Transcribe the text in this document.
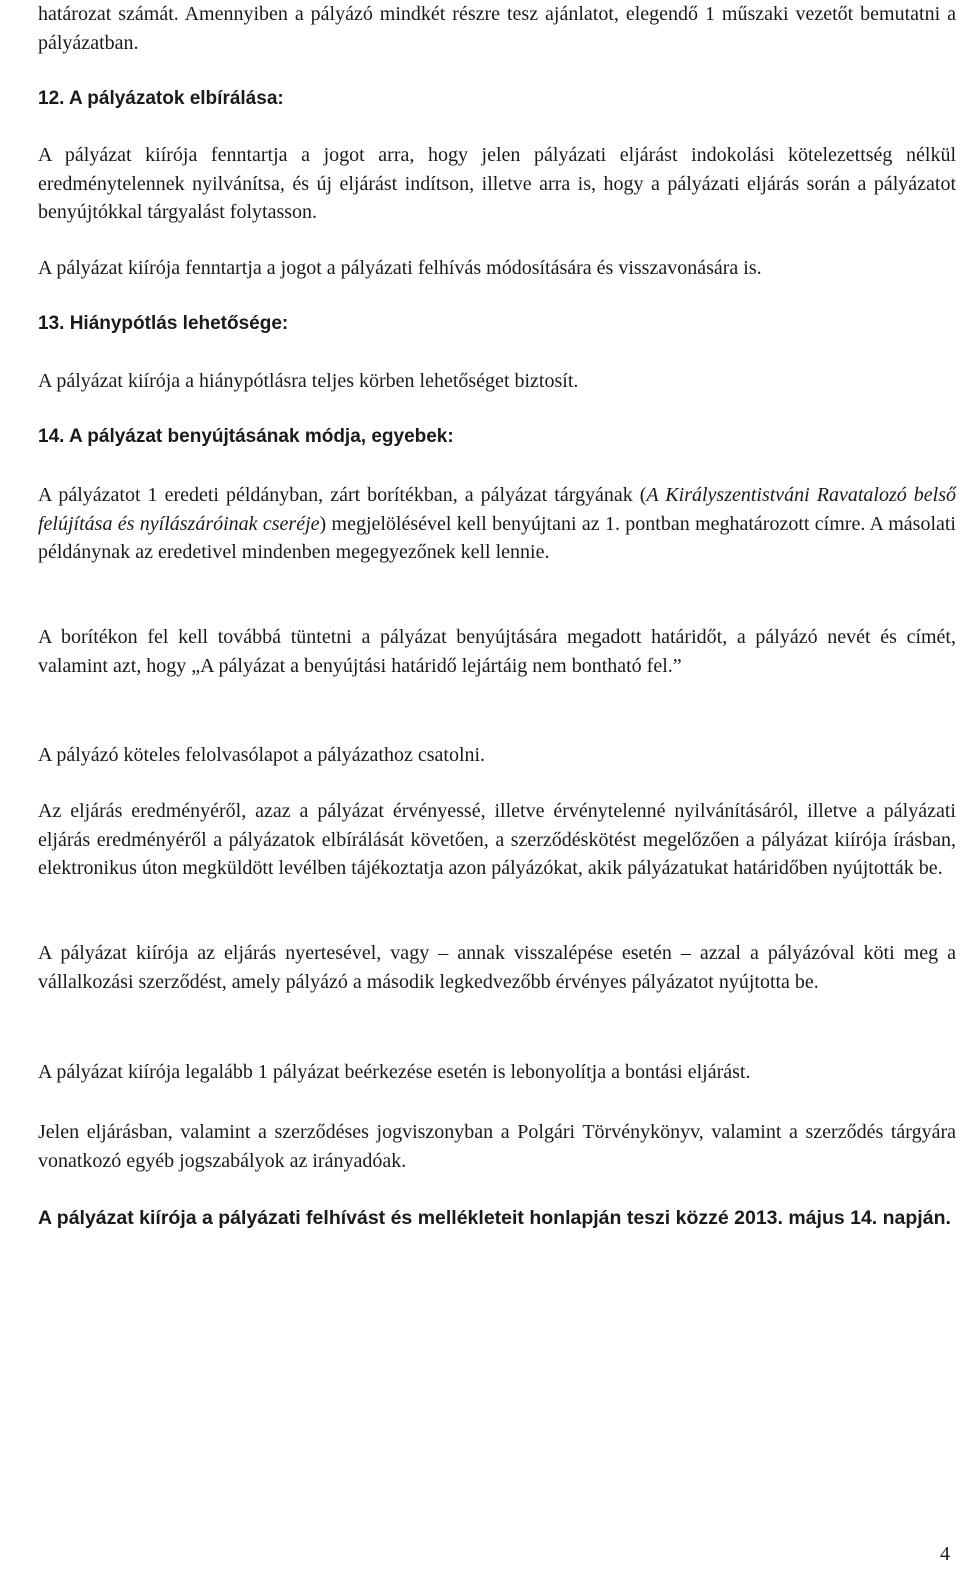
határozat számát. Amennyiben a pályázó mindkét részre tesz ajánlatot, elegendő 1 műszaki vezetőt bemutatni a pályázatban.

12. A pályázatok elbírálása:

A pályázat kiírója fenntartja a jogot arra, hogy jelen pályázati eljárást indokolási kötelezettség nélkül eredménytelennek nyilvánítsa, és új eljárást indítson, illetve arra is, hogy a pályázati eljárás során a pályázatot benyújtókkal tárgyalást folytasson.

A pályázat kiírója fenntartja a jogot a pályázati felhívás módosítására és visszavonására is.

13. Hiánypótlás lehetősége:

A pályázat kiírója a hiánypótlásra teljes körben lehetőséget biztosít.

14. A pályázat benyújtásának módja, egyebek:

A pályázatot 1 eredeti példányban, zárt borítékban, a pályázat tárgyának (A Királyszentistváni Ravatalozó belső felújítása és nyílászáróinak cseréje) megjelölésével kell benyújtani az 1. pontban meghatározott címre. A másolati példánynak az eredetivel mindenben megegyezőnek kell lennie.

A borítékon fel kell továbbá tüntetni a pályázat benyújtására megadott határidőt, a pályázó nevét és címét, valamint azt, hogy „A pályázat a benyújtási határidő lejártáig nem bontható fel.”

A pályázó köteles felolvasólapot a pályázathoz csatolni.

Az eljárás eredményéről, azaz a pályázat érvényessé, illetve érvénytelenné nyilvánításáról, illetve a pályázati eljárás eredményéről a pályázatok elbírálását követően, a szerződéskötést megelőzően a pályázat kiírója írásban, elektronikus úton megküldött levélben tájékoztatja azon pályázókat, akik pályázatukat határidőben nyújtották be.

A pályázat kiírója az eljárás nyertesével, vagy – annak visszalépése esetén – azzal a pályázóval köti meg a vállalkozási szerződést, amely pályázó a második legkedvezőbb érvényes pályázatot nyújtotta be.

A pályázat kiírója legalább 1 pályázat beérkezése esetén is lebonyolítja a bontási eljárást.

Jelen eljárásban, valamint a szerződéses jogviszonyban a Polgári Törvénykönyv, valamint a szerződés tárgyára vonatkozó egyéb jogszabályok az irányadóak.

A pályázat kiírója a pályázati felhívást és mellékleteit honlapján teszi közzé 2013. május 14. napján.

4
